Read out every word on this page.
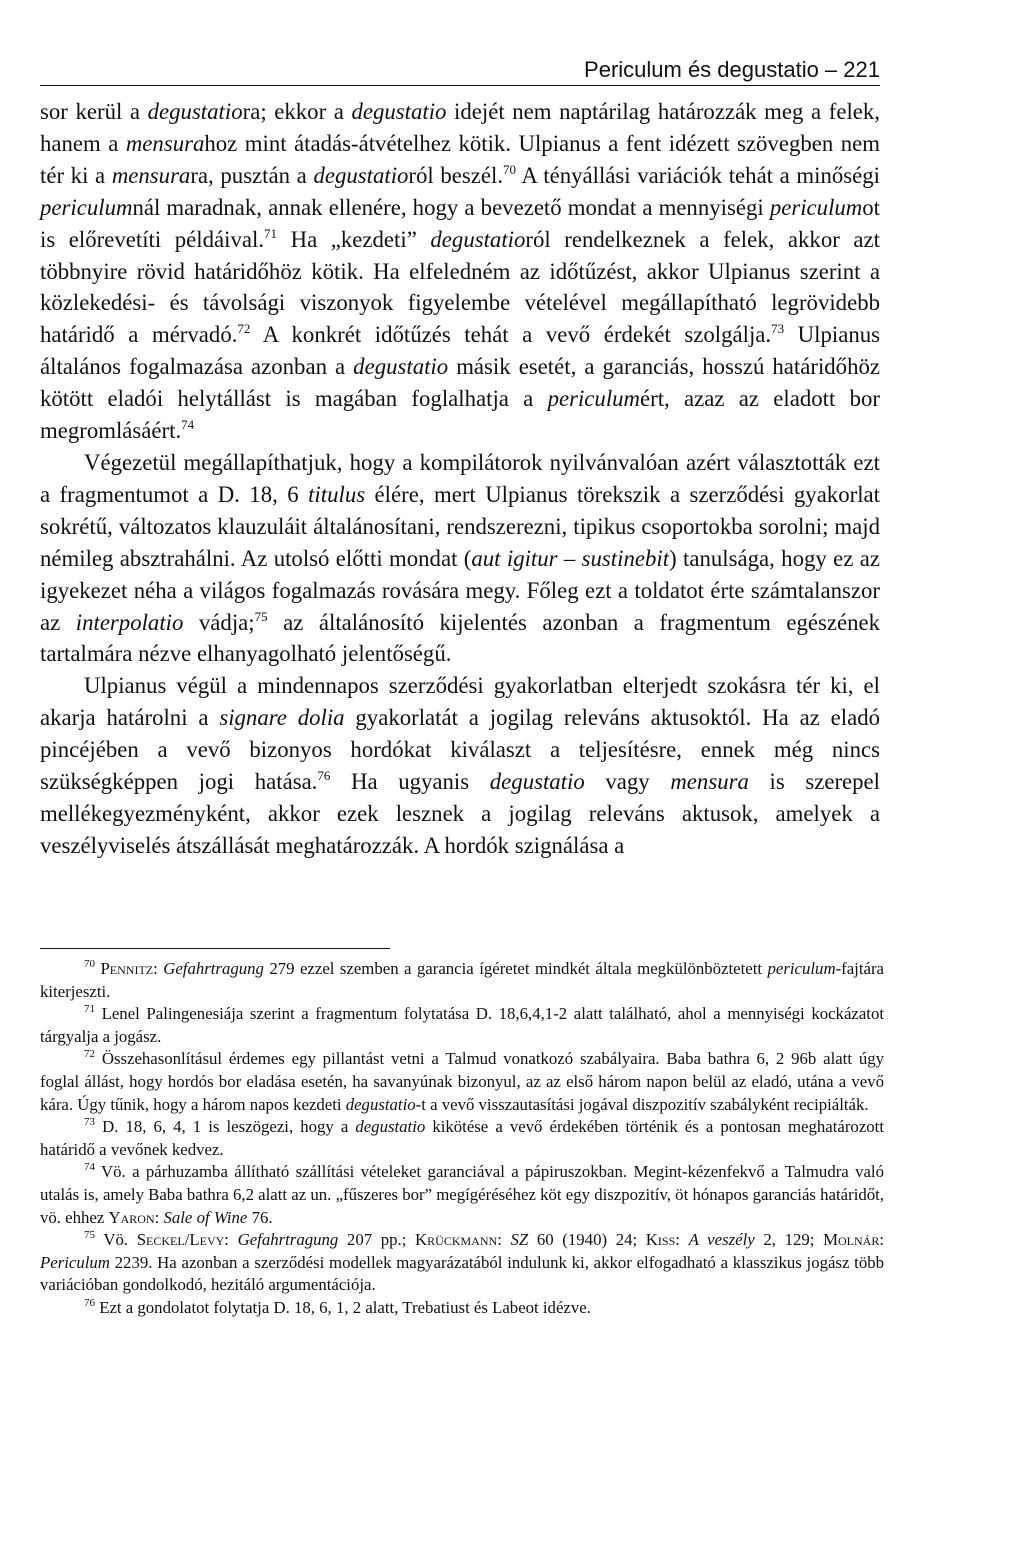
Periculum és degustatio – 221

sor kerül a degustatiora; ekkor a degustatio idejét nem naptárilag határozzák meg a felek, hanem a mensurahoz mint átadás-átvételhez kötik. Ulpianus a fent idézett szövegben nem tér ki a mensurara, pusztán a degustatioról beszél.$^{70}$ A tényállási variációk tehát a minőségi periculumnál maradnak, annak ellenére, hogy a bevezető mondat a mennyiségi periculumot is előrevetíti példáival.$^{71}$ Ha „kezdeti” degustatioról rendelkeznek a felek, akkor azt többnyire rövid határidőhöz kötik. Ha elfeledném az időtűzést, akkor Ulpianus szerint a közlekedési- és távolsági viszonyok figyelembe vételével megállapítható legrövidebb határidő a mérvadó.$^{72}$ A konkrét időtűzés tehát a vevő érdekét szolgálja.$^{73}$ Ulpianus általános fogalmazása azonban a degustatio másik esetét, a garanciás, hosszú határidőhöz kötött eladói helytállást is magában foglalhatja a periculumért, azaz az eladott bor megromlásáért.$^{74}$

Végezetül megállapíthatjuk, hogy a kompilátorok nyilvánvalóan azért választották ezt a fragmentumot a D. 18, 6 titulus élére, mert Ulpianus törekszik a szerződési gyakorlat sokrétű, változatos klauzuláit általánosítani, rendszerezni, tipikus csoportokba sorolni; majd némileg absztrahálni. Az utolsó előtti mondat (aut igitur – sustinebit) tanulsága, hogy ez az igyekezet néha a világos fogalmazás rovására megy. Főleg ezt a toldatot érte számtalanszor az interpolatio vádja;$^{75}$ az általánosító kijelentés azonban a fragmentum egészének tartalmára nézve elhanyagolható jelentőségű.

Ulpianus végül a mindennapos szerződési gyakorlatban elterjedt szokásra tér ki, el akarja határolni a signare dolia gyakorlatát a jogilag releváns aktusoktól. Ha az eladó pincéjében a vevő bizonyos hordókat kiválaszt a teljesítésre, ennek még nincs szükségképpen jogi hatása.$^{76}$ Ha ugyanis degustatio vagy mensura is szerepel mellékegyezményként, akkor ezek lesznek a jogilag releváns aktusok, amelyek a veszélyviselés átszállását meghatározzák. A hordók szignálása a

$^{70}$ Pennitz: Gefahrtragung 279 ezzel szemben a garancia ígéretet mindkét általa megkülönböztetett periculum-fajtára kiterjeszti.

$^{71}$ Lenel Palingenesiája szerint a fragmentum folytatása D. 18,6,4,1-2 alatt található, ahol a mennyiségi kockázatot tárgyalja a jogász.

$^{72}$ Összehasonlításul érdemes egy pillantást vetni a Talmud vonatkozó szabályaira. Baba bathra 6, 2 96b alatt úgy foglal állást, hogy hordós bor eladása esetén, ha savanyúnak bizonyul, az az első három napon belül az eladó, utána a vevő kára. Úgy tűnik, hogy a három napos kezdeti degustatio-t a vevő visszautasítási jogával diszpozitív szabályként recipiálták.

$^{73}$ D. 18, 6, 4, 1 is leszögezi, hogy a degustatio kikötése a vevő érdekében történik és a pontosan meghatározott határidő a vevőnek kedvez.

$^{74}$ Vö. a párhuzamba állítható szállítási vételeket garanciával a pápiruszokban. Megint-kézenfekvő a Talmudra való utalás is, amely Baba bathra 6,2 alatt az un. „fűszeres bor” megígéréséhez köt egy diszpozitív, öt hónapos garanciás határidőt, vö. ehhez Yaron: Sale of Wine 76.

$^{75}$ Vö. Seckel/Levy: Gefahrtragung 207 pp.; Krückmann: SZ 60 (1940) 24; Kiss: A veszély 2, 129; Molnár: Periculum 2239. Ha azonban a szerződési modellek magyarázatából indulunk ki, akkor elfogadható a klasszikus jogász több variációban gondolkodó, hezitáló argumentációja.

$^{76}$ Ezt a gondolatot folytatja D. 18, 6, 1, 2 alatt, Trebatiust és Labeot idézve.
